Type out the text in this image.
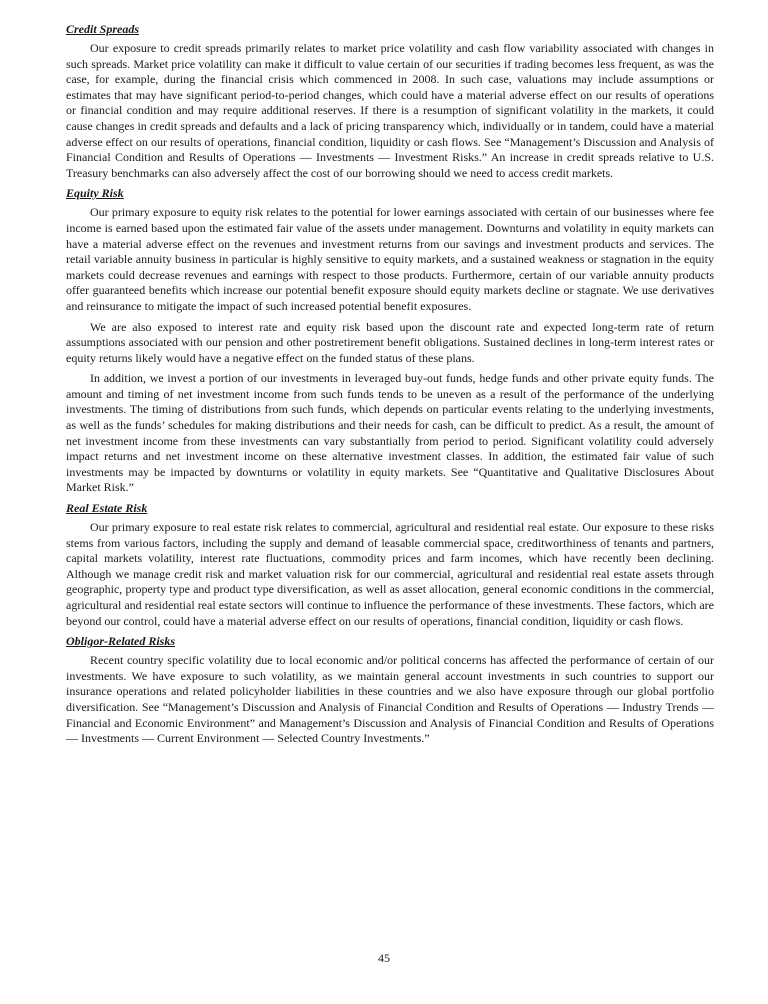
Credit Spreads

Our exposure to credit spreads primarily relates to market price volatility and cash flow variability associated with changes in such spreads. Market price volatility can make it difficult to value certain of our securities if trading becomes less frequent, as was the case, for example, during the financial crisis which commenced in 2008. In such case, valuations may include assumptions or estimates that may have significant period-to-period changes, which could have a material adverse effect on our results of operations or financial condition and may require additional reserves. If there is a resumption of significant volatility in the markets, it could cause changes in credit spreads and defaults and a lack of pricing transparency which, individually or in tandem, could have a material adverse effect on our results of operations, financial condition, liquidity or cash flows. See “Management’s Discussion and Analysis of Financial Condition and Results of Operations — Investments — Investment Risks.” An increase in credit spreads relative to U.S. Treasury benchmarks can also adversely affect the cost of our borrowing should we need to access credit markets.

Equity Risk

Our primary exposure to equity risk relates to the potential for lower earnings associated with certain of our businesses where fee income is earned based upon the estimated fair value of the assets under management. Downturns and volatility in equity markets can have a material adverse effect on the revenues and investment returns from our savings and investment products and services. The retail variable annuity business in particular is highly sensitive to equity markets, and a sustained weakness or stagnation in the equity markets could decrease revenues and earnings with respect to those products. Furthermore, certain of our variable annuity products offer guaranteed benefits which increase our potential benefit exposure should equity markets decline or stagnate. We use derivatives and reinsurance to mitigate the impact of such increased potential benefit exposures.

We are also exposed to interest rate and equity risk based upon the discount rate and expected long-term rate of return assumptions associated with our pension and other postretirement benefit obligations. Sustained declines in long-term interest rates or equity returns likely would have a negative effect on the funded status of these plans.

In addition, we invest a portion of our investments in leveraged buy-out funds, hedge funds and other private equity funds. The amount and timing of net investment income from such funds tends to be uneven as a result of the performance of the underlying investments. The timing of distributions from such funds, which depends on particular events relating to the underlying investments, as well as the funds’ schedules for making distributions and their needs for cash, can be difficult to predict. As a result, the amount of net investment income from these investments can vary substantially from period to period. Significant volatility could adversely impact returns and net investment income on these alternative investment classes. In addition, the estimated fair value of such investments may be impacted by downturns or volatility in equity markets. See “Quantitative and Qualitative Disclosures About Market Risk.”

Real Estate Risk

Our primary exposure to real estate risk relates to commercial, agricultural and residential real estate. Our exposure to these risks stems from various factors, including the supply and demand of leasable commercial space, creditworthiness of tenants and partners, capital markets volatility, interest rate fluctuations, commodity prices and farm incomes, which have recently been declining. Although we manage credit risk and market valuation risk for our commercial, agricultural and residential real estate assets through geographic, property type and product type diversification, as well as asset allocation, general economic conditions in the commercial, agricultural and residential real estate sectors will continue to influence the performance of these investments. These factors, which are beyond our control, could have a material adverse effect on our results of operations, financial condition, liquidity or cash flows.

Obligor-Related Risks

Recent country specific volatility due to local economic and/or political concerns has affected the performance of certain of our investments. We have exposure to such volatility, as we maintain general account investments in such countries to support our insurance operations and related policyholder liabilities in these countries and we also have exposure through our global portfolio diversification. See “Management’s Discussion and Analysis of Financial Condition and Results of Operations — Industry Trends — Financial and Economic Environment” and Management’s Discussion and Analysis of Financial Condition and Results of Operations — Investments — Current Environment — Selected Country Investments.”

45
